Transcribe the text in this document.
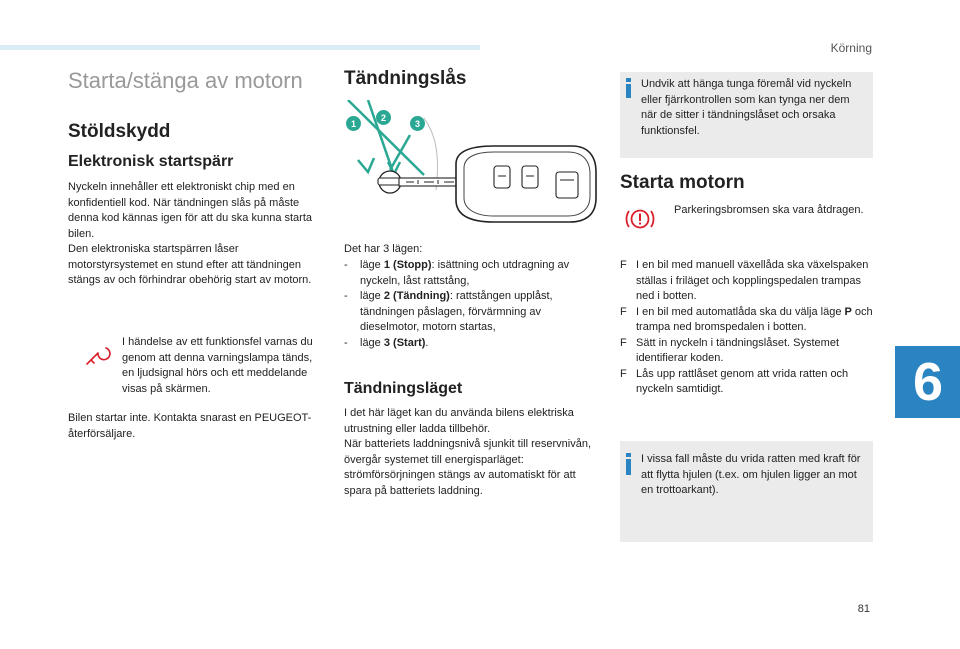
Körning
6
81
Starta/stänga av motorn
Stöldskydd
Elektronisk startspärr

Nyckeln innehåller ett elektroniskt chip med en konfidentiell kod. När tändningen slås på måste denna kod kännas igen för att du ska kunna starta bilen.

Den elektroniska startspärren låser motorstyrsystemet en stund efter att tändningen stängs av och förhindrar obehörig start av motorn.

I händelse av ett funktionsfel varnas du genom att denna varningslampa tänds, en ljudsignal hörs och ett meddelande visas på skärmen.
Bilen startar inte. Kontakta snarast en PEUGEOT-återförsäljare.
Tändningslås
1
2
3
Det har 3 lägen:
- läge 1 (Stopp): isättning och utdragning av nyckeln, låst rattstång,
- läge 2 (Tändning): rattstången upplåst, tändningen påslagen, förvärmning av dieselmotor, motorn startas,
- läge 3 (Start).
Tändningsläget

I det här läget kan du använda bilens elektriska utrustning eller ladda tillbehör.

När batteriets laddningsnivå sjunkit till reservnivån, övergår systemet till energisparläget: strömförsörjningen stängs av automatiskt för att spara på batteriets laddning.

Undvik att hänga tunga föremål vid nyckeln eller fjärrkontrollen som kan tynga ner dem när de sitter i tändningslåset och orsaka funktionsfel.
Starta motorn
Parkeringsbromsen ska vara åtdragen.
F I en bil med manuell växellåda ska växelspaken ställas i friläget och kopplingspedalen trampas ned i botten.
F I en bil med automatlåda ska du välja läge P och trampa ned bromspedalen i botten.
F Sätt in nyckeln i tändningslåset. Systemet identifierar koden.
F Lås upp rattlåset genom att vrida ratten och nyckeln samtidigt.
I vissa fall måste du vrida ratten med kraft för att flytta hjulen (t.ex. om hjulen ligger an mot en trottoarkant).
